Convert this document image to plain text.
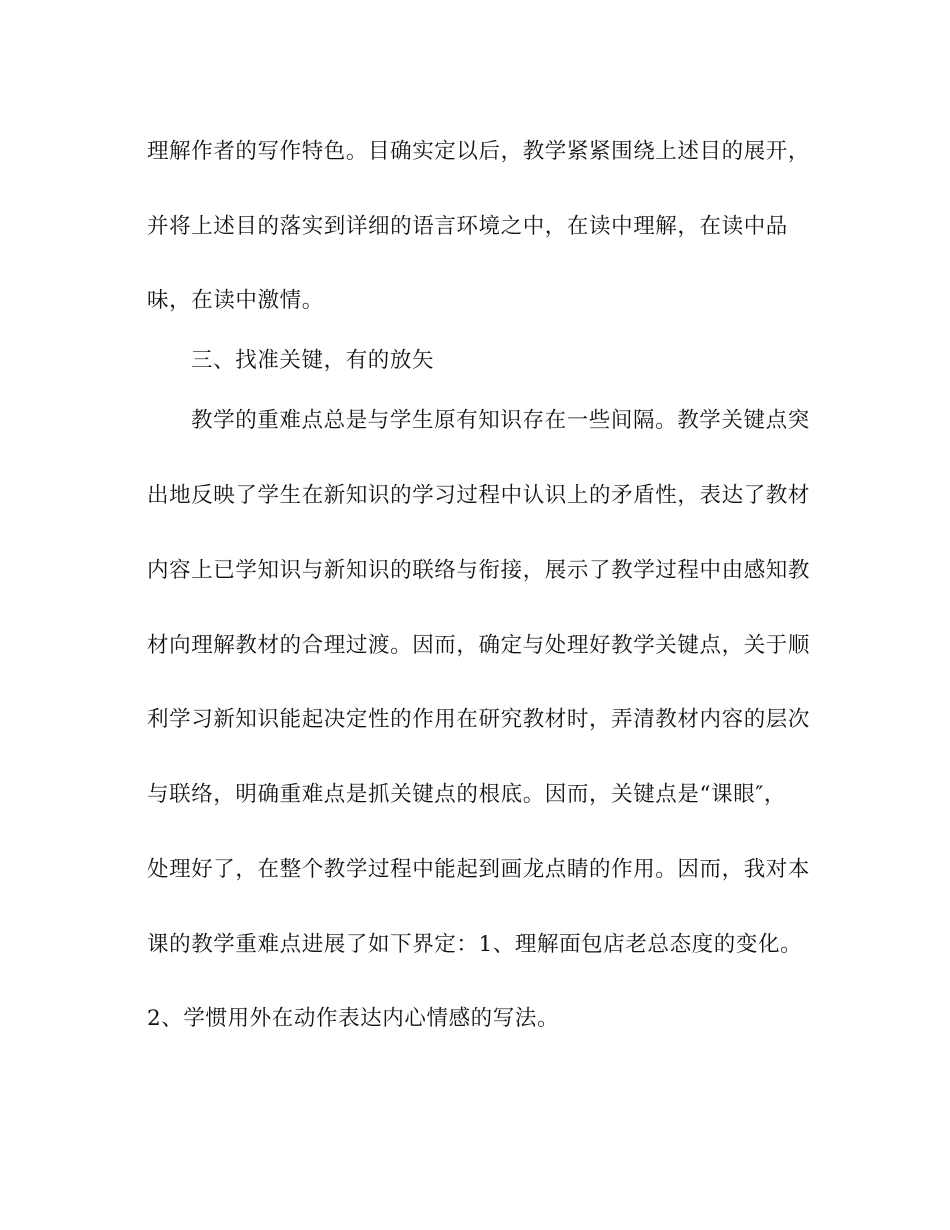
理解作者的写作特色。目确实定以后，教学紧紧围绕上述目的展开，
并将上述目的落实到详细的语言环境之中，在读中理解，在读中品
味，在读中激情。
三、找准关键，有的放矢
教学的重难点总是与学生原有知识存在一些间隔。教学关键点突
出地反映了学生在新知识的学习过程中认识上的矛盾性，表达了教材
内容上已学知识与新知识的联络与衔接，展示了教学过程中由感知教
材向理解教材的合理过渡。因而，确定与处理好教学关键点，关于顺
利学习新知识能起决定性的作用在研究教材时，弄清教材内容的层次
与联络，明确重难点是抓关键点的根底。因而，关键点是“课眼″，
处理好了，在整个教学过程中能起到画龙点睛的作用。因而，我对本
课的教学重难点进展了如下界定：1、理解面包店老总态度的变化。
2、学惯用外在动作表达内心情感的写法。
